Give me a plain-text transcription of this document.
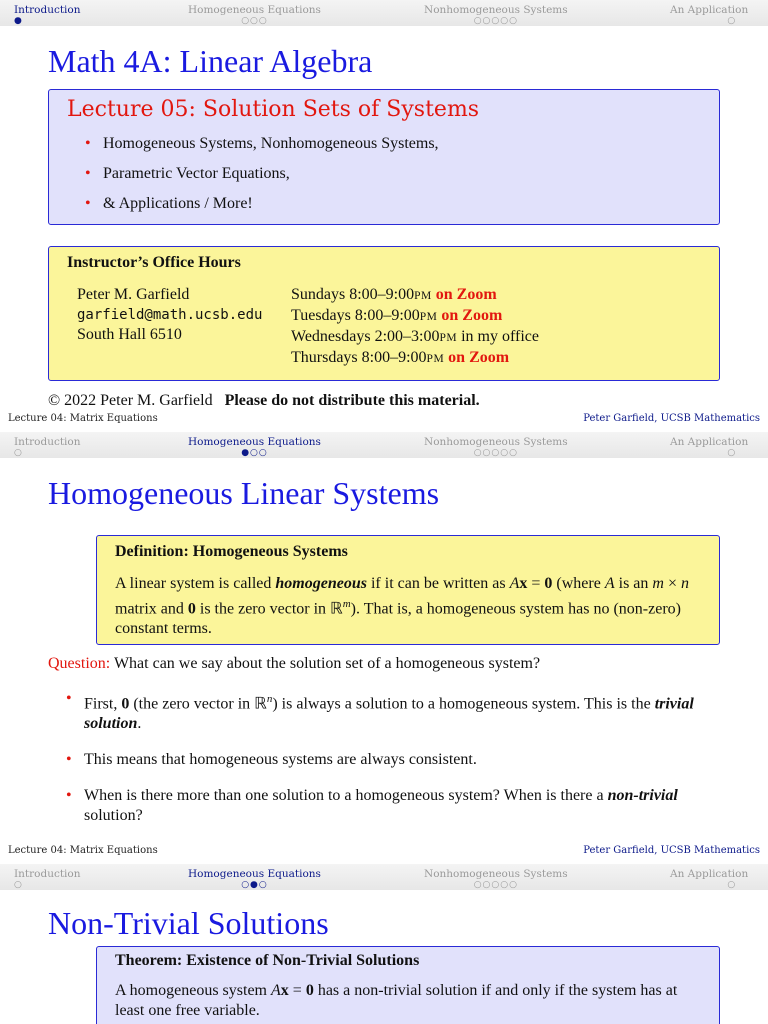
Introduction
●
Homogeneous Equations
○○○
Nonhomogeneous Systems
○○○○○
An Application
○
Math 4A: Linear Algebra
Lecture 05: Solution Sets of Systems
• Homogeneous Systems, Nonhomogeneous Systems,
• Parametric Vector Equations,
• & Applications / More!
Instructor’s Office Hours
Peter M. Garfield
garfield@math.ucsb.edu
South Hall 6510
Sundays 8:00–9:00PM on Zoom
Tuesdays 8:00–9:00PM on Zoom
Wednesdays 2:00–3:00PM in my office
Thursdays 8:00–9:00PM on Zoom
© 2022 Peter M. Garfield Please do not distribute this material.
Lecture 04: Matrix Equations	Peter Garfield, UCSB Mathematics
Introduction
○
Homogeneous Equations
●○○
Nonhomogeneous Systems
○○○○○
An Application
○
Homogeneous Linear Systems
Definition: Homogeneous Systems
A linear system is called homogeneous if it can be written as Ax = 0 (where A is an m × n matrix and 0 is the zero vector in ℝ$^m$). That is, a homogeneous system has no (non-zero) constant terms.
Question: What can we say about the solution set of a homogeneous system?
• First, 0 (the zero vector in ℝ$^n$) is always a solution to a homogeneous system. This is the trivial solution.
• This means that homogeneous systems are always consistent.
• When is there more than one solution to a homogeneous system? When is there a non-trivial solution?
Lecture 04: Matrix Equations	Peter Garfield, UCSB Mathematics
Introduction
○
Homogeneous Equations
○●○
Nonhomogeneous Systems
○○○○○
An Application
○
Non-Trivial Solutions
Theorem: Existence of Non-Trivial Solutions
A homogeneous system Ax = 0 has a non-trivial solution if and only if the system has at least one free variable.
